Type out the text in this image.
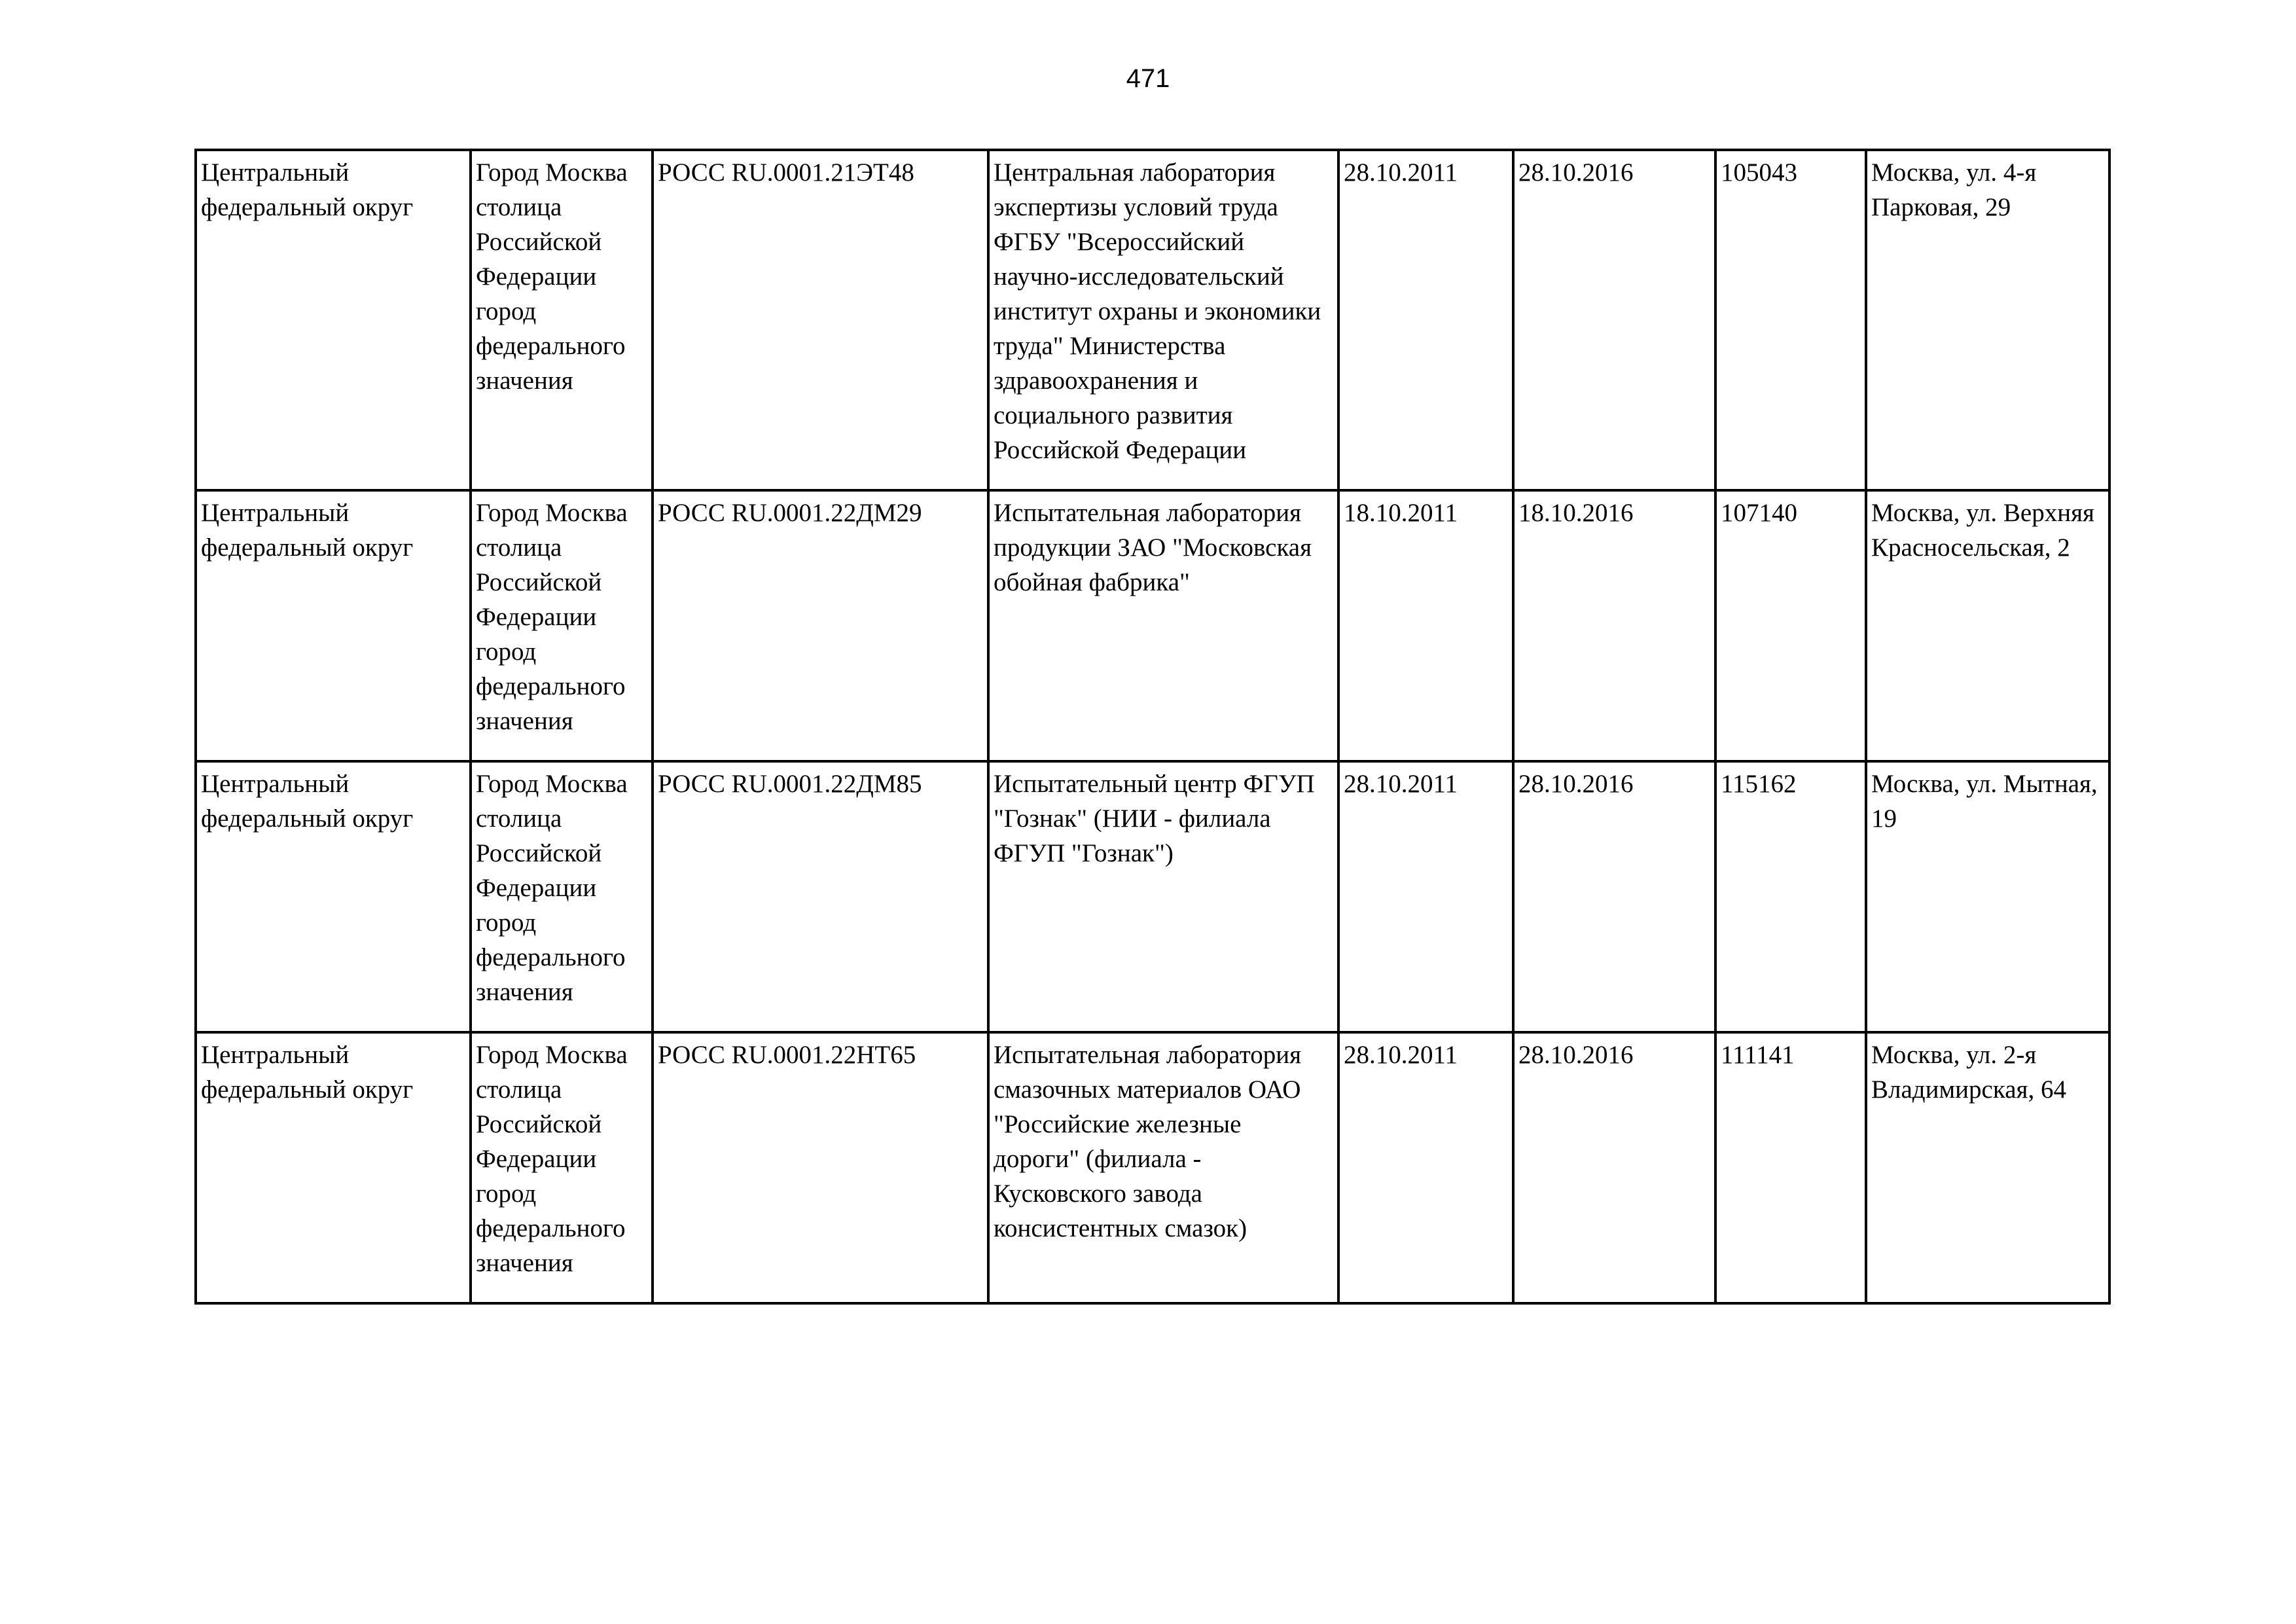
471
Центральный федеральный округ	Город Москва столица Российской Федерации город федерального значения	РОСС RU.0001.21ЭТ48	Центральная лаборатория экспертизы условий труда ФГБУ "Всероссийский научно-исследовательский институт охраны и экономики труда" Министерства здравоохранения и социального развития Российской Федерации	28.10.2011	28.10.2016	105043	Москва, ул. 4-я Парковая, 29

Центральный федеральный округ	Город Москва столица Российской Федерации город федерального значения	РОСС RU.0001.22ДМ29	Испытательная лаборатория продукции ЗАО "Московская обойная фабрика"	18.10.2011	18.10.2016	107140	Москва, ул. Верхняя Красносельская, 2

Центральный федеральный округ	Город Москва столица Российской Федерации город федерального значения	РОСС RU.0001.22ДМ85	Испытательный центр ФГУП "Гознак" (НИИ - филиала ФГУП "Гознак")	28.10.2011	28.10.2016	115162	Москва, ул. Мытная, 19

Центральный федеральный округ	Город Москва столица Российской Федерации город федерального значения	РОСС RU.0001.22НТ65	Испытательная лаборатория смазочных материалов ОАО "Российские железные дороги" (филиала - Кусковского завода консистентных смазок)	28.10.2011	28.10.2016	111141	Москва, ул. 2-я Владимирская, 64
